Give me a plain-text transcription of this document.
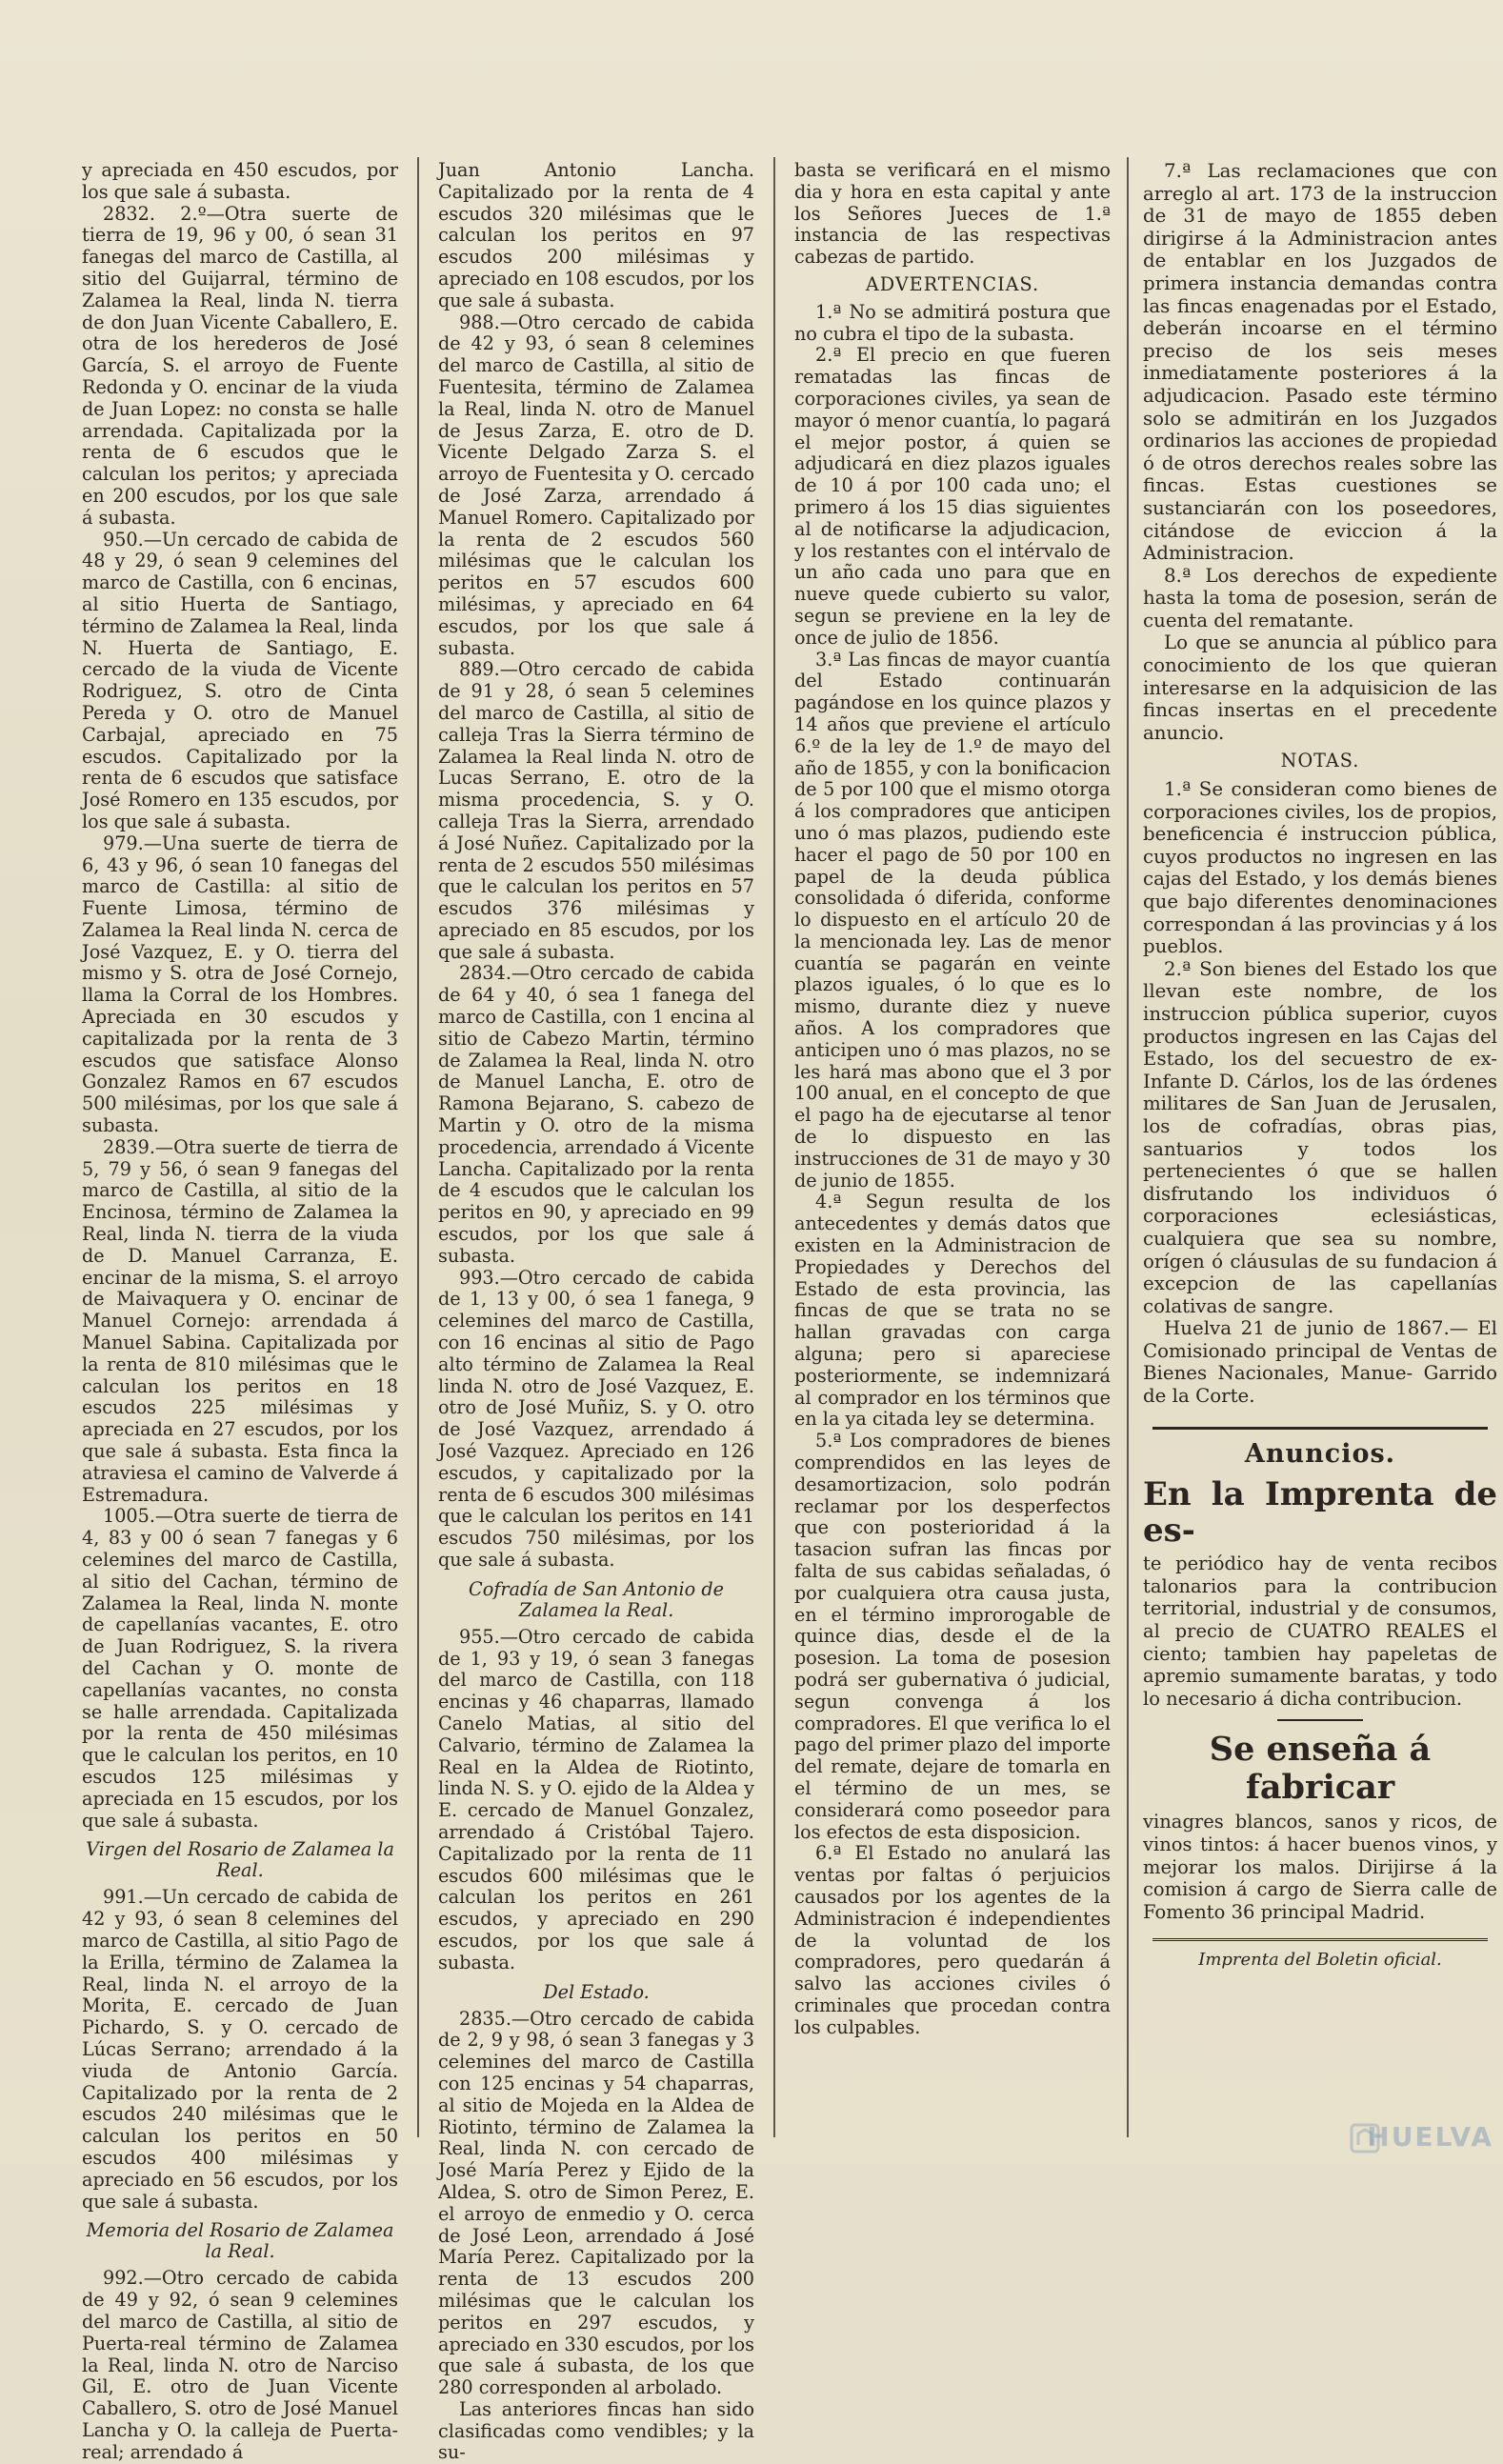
y apreciada en 450 escudos, por los que sale á subasta.

2832. 2.º—Otra suerte de tierra de 19, 96 y 00, ó sean 31 fanegas del marco de Castilla, al sitio del Guijarral, término de Zalamea la Real, linda N. tierra de don Juan Vicente Caballero, E. otra de los herederos de José García, S. el arroyo de Fuente Redonda y O. encinar de la viuda de Juan Lopez: no consta se halle arrendada. Capitalizada por la renta de 6 escudos que le calculan los peritos; y apreciada en 200 escudos, por los que sale á subasta.

950.—Un cercado de cabida de 48 y 29, ó sean 9 celemines del marco de Castilla, con 6 encinas, al sitio Huerta de Santiago, término de Zalamea la Real, linda N. Huerta de Santiago, E. cercado de la viuda de Vicente Rodriguez, S. otro de Cinta Pereda y O. otro de Manuel Carbajal, apreciado en 75 escudos. Capitalizado por la renta de 6 escudos que satisface José Romero en 135 escudos, por los que sale á subasta.

979.—Una suerte de tierra de 6, 43 y 96, ó sean 10 fanegas del marco de Castilla: al sitio de Fuente Limosa, término de Zalamea la Real linda N. cerca de José Vazquez, E. y O. tierra del mismo y S. otra de José Cornejo, llama la Corral de los Hombres. Apreciada en 30 escudos y capitalizada por la renta de 3 escudos que satisface Alonso Gonzalez Ramos en 67 escudos 500 milésimas, por los que sale á subasta.

2839.—Otra suerte de tierra de 5, 79 y 56, ó sean 9 fanegas del marco de Castilla, al sitio de la Encinosa, término de Zalamea la Real, linda N. tierra de la viuda de D. Manuel Carranza, E. encinar de la misma, S. el arroyo de Maivaquera y O. encinar de Manuel Cornejo: arrendada á Manuel Sabina. Capitalizada por la renta de 810 milésimas que le calculan los peritos en 18 escudos 225 milésimas y apreciada en 27 escudos, por los que sale á subasta. Esta finca la atraviesa el camino de Valverde á Estremadura.

1005.—Otra suerte de tierra de 4, 83 y 00 ó sean 7 fanegas y 6 celemines del marco de Castilla, al sitio del Cachan, término de Zalamea la Real, linda N. monte de capellanías vacantes, E. otro de Juan Rodriguez, S. la rivera del Cachan y O. monte de capellanías vacantes, no consta se halle arrendada. Capitalizada por la renta de 450 milésimas que le calculan los peritos, en 10 escudos 125 milésimas y apreciada en 15 escudos, por los que sale á subasta.

Virgen del Rosario de Zalamea la Real.

991.—Un cercado de cabida de 42 y 93, ó sean 8 celemines del marco de Castilla, al sitio Pago de la Erilla, término de Zalamea la Real, linda N. el arroyo de la Morita, E. cercado de Juan Pichardo, S. y O. cercado de Lúcas Serrano; arrendado á la viuda de Antonio García. Capitalizado por la renta de 2 escudos 240 milésimas que le calculan los peritos en 50 escudos 400 milésimas y apreciado en 56 escudos, por los que sale á subasta.

Memoria del Rosario de Zalamea la Real.

992.—Otro cercado de cabida de 49 y 92, ó sean 9 celemines del marco de Castilla, al sitio de Puerta-real término de Zalamea la Real, linda N. otro de Narciso Gil, E. otro de Juan Vicente Caballero, S. otro de José Manuel Lancha y O. la calleja de Puerta-real; arrendado á

Juan Antonio Lancha. Capitalizado por la renta de 4 escudos 320 milésimas que le calculan los peritos en 97 escudos 200 milésimas y apreciado en 108 escudos, por los que sale á subasta.

988.—Otro cercado de cabida de 42 y 93, ó sean 8 celemines del marco de Castilla, al sitio de Fuentesita, término de Zalamea la Real, linda N. otro de Manuel de Jesus Zarza, E. otro de D. Vicente Delgado Zarza S. el arroyo de Fuentesita y O. cercado de José Zarza, arrendado á Manuel Romero. Capitalizado por la renta de 2 escudos 560 milésimas que le calculan los peritos en 57 escudos 600 milésimas, y apreciado en 64 escudos, por los que sale á subasta.

889.—Otro cercado de cabida de 91 y 28, ó sean 5 celemines del marco de Castilla, al sitio de calleja Tras la Sierra término de Zalamea la Real linda N. otro de Lucas Serrano, E. otro de la misma procedencia, S. y O. calleja Tras la Sierra, arrendado á José Nuñez. Capitalizado por la renta de 2 escudos 550 milésimas que le calculan los peritos en 57 escudos 376 milésimas y apreciado en 85 escudos, por los que sale á subasta.

2834.—Otro cercado de cabida de 64 y 40, ó sea 1 fanega del marco de Castilla, con 1 encina al sitio de Cabezo Martin, término de Zalamea la Real, linda N. otro de Manuel Lancha, E. otro de Ramona Bejarano, S. cabezo de Martin y O. otro de la misma procedencia, arrendado á Vicente Lancha. Capitalizado por la renta de 4 escudos que le calculan los peritos en 90, y apreciado en 99 escudos, por los que sale á subasta.

993.—Otro cercado de cabida de 1, 13 y 00, ó sea 1 fanega, 9 celemines del marco de Castilla, con 16 encinas al sitio de Pago alto término de Zalamea la Real linda N. otro de José Vazquez, E. otro de José Muñiz, S. y O. otro de José Vazquez, arrendado á José Vazquez. Apreciado en 126 escudos, y capitalizado por la renta de 6 escudos 300 milésimas que le calculan los peritos en 141 escudos 750 milésimas, por los que sale á subasta.

Cofradía de San Antonio de Zalamea la Real.

955.—Otro cercado de cabida de 1, 93 y 19, ó sean 3 fanegas del marco de Castilla, con 118 encinas y 46 chaparras, llamado Canelo Matias, al sitio del Calvario, término de Zalamea la Real en la Aldea de Riotinto, linda N. S. y O. ejido de la Aldea y E. cercado de Manuel Gonzalez, arrendado á Cristóbal Tajero. Capitalizado por la renta de 11 escudos 600 milésimas que le calculan los peritos en 261 escudos, y apreciado en 290 escudos, por los que sale á subasta.

Del Estado.

2835.—Otro cercado de cabida de 2, 9 y 98, ó sean 3 fanegas y 3 celemines del marco de Castilla con 125 encinas y 54 chaparras, al sitio de Mojeda en la Aldea de Riotinto, término de Zalamea la Real, linda N. con cercado de José María Perez y Ejido de la Aldea, S. otro de Simon Perez, E. el arroyo de enmedio y O. cerca de José Leon, arrendado á José María Perez. Capitalizado por la renta de 13 escudos 200 milésimas que le calculan los peritos en 297 escudos, y apreciado en 330 escudos, por los que sale á subasta, de los que 280 corresponden al arbolado.

Las anteriores fincas han sido clasificadas como vendibles; y la su-

basta se verificará en el mismo dia y hora en esta capital y ante los Señores Jueces de 1.ª instancia de las respectivas cabezas de partido.

ADVERTENCIAS.

1.ª No se admitirá postura que no cubra el tipo de la subasta.

2.ª El precio en que fueren rematadas las fincas de corporaciones civiles, ya sean de mayor ó menor cuantía, lo pagará el mejor postor, á quien se adjudicará en diez plazos iguales de 10 á por 100 cada uno; el primero á los 15 dias siguientes al de notificarse la adjudicacion, y los restantes con el intérvalo de un año cada uno para que en nueve quede cubierto su valor, segun se previene en la ley de once de julio de 1856.

3.ª Las fincas de mayor cuantía del Estado continuarán pagándose en los quince plazos y 14 años que previene el artículo 6.º de la ley de 1.º de mayo del año de 1855, y con la bonificacion de 5 por 100 que el mismo otorga á los compradores que anticipen uno ó mas plazos, pudiendo este hacer el pago de 50 por 100 en papel de la deuda pública consolidada ó diferida, conforme lo dispuesto en el artículo 20 de la mencionada ley. Las de menor cuantía se pagarán en veinte plazos iguales, ó lo que es lo mismo, durante diez y nueve años. A los compradores que anticipen uno ó mas plazos, no se les hará mas abono que el 3 por 100 anual, en el concepto de que el pago ha de ejecutarse al tenor de lo dispuesto en las instrucciones de 31 de mayo y 30 de junio de 1855.

4.ª Segun resulta de los antecedentes y demás datos que existen en la Administracion de Propiedades y Derechos del Estado de esta provincia, las fincas de que se trata no se hallan gravadas con carga alguna; pero si apareciese posteriormente, se indemnizará al comprador en los términos que en la ya citada ley se determina.

5.ª Los compradores de bienes comprendidos en las leyes de desamortizacion, solo podrán reclamar por los desperfectos que con posterioridad á la tasacion sufran las fincas por falta de sus cabidas señaladas, ó por cualquiera otra causa justa, en el término improrogable de quince dias, desde el de la posesion. La toma de posesion podrá ser gubernativa ó judicial, segun convenga á los compradores. El que verifica lo el pago del primer plazo del importe del remate, dejare de tomarla en el término de un mes, se considerará como poseedor para los efectos de esta disposicion.

6.ª El Estado no anulará las ventas por faltas ó perjuicios causados por los agentes de la Administracion é independientes de la voluntad de los compradores, pero quedarán á salvo las acciones civiles ó criminales que procedan contra los culpables.

7.ª Las reclamaciones que con arreglo al art. 173 de la instruccion de 31 de mayo de 1855 deben dirigirse á la Administracion antes de entablar en los Juzgados de primera instancia demandas contra las fincas enagenadas por el Estado, deberán incoarse en el término preciso de los seis meses inmediatamente posteriores á la adjudicacion. Pasado este término solo se admitirán en los Juzgados ordinarios las acciones de propiedad ó de otros derechos reales sobre las fincas. Estas cuestiones se sustanciarán con los poseedores, citándose de eviccion á la Administracion.

8.ª Los derechos de expediente hasta la toma de posesion, serán de cuenta del rematante.

Lo que se anuncia al público para conocimiento de los que quieran interesarse en la adquisicion de las fincas insertas en el precedente anuncio.

NOTAS.

1.ª Se consideran como bienes de corporaciones civiles, los de propios, beneficencia é instruccion pública, cuyos productos no ingresen en las cajas del Estado, y los demás bienes que bajo diferentes denominaciones correspondan á las provincias y á los pueblos.

2.ª Son bienes del Estado los que llevan este nombre, de los instruccion pública superior, cuyos productos ingresen en las Cajas del Estado, los del secuestro de ex-Infante D. Cárlos, los de las órdenes militares de San Juan de Jerusalen, los de cofradías, obras pias, santuarios y todos los pertenecientes ó que se hallen disfrutando los individuos ó corporaciones eclesiásticas, cualquiera que sea su nombre, orígen ó cláusulas de su fundacion á excepcion de las capellanías colativas de sangre.

Huelva 21 de junio de 1867.— El Comisionado principal de Ventas de Bienes Nacionales, Manue- Garrido de la Corte.

Anuncios.
En la Imprenta de es-

te periódico hay de venta recibos talonarios para la contribucion territorial, industrial y de consumos, al precio de CUATRO REALES el ciento; tambien hay papeletas de apremio sumamente baratas, y todo lo necesario á dicha contribucion.

Se enseña á fabricar

vinagres blancos, sanos y ricos, de vinos tintos: á hacer buenos vinos, y mejorar los malos. Dirijirse á la comision á cargo de Sierra calle de Fomento 36 principal Madrid.

Imprenta del Boletin oficial.
HUELVA
